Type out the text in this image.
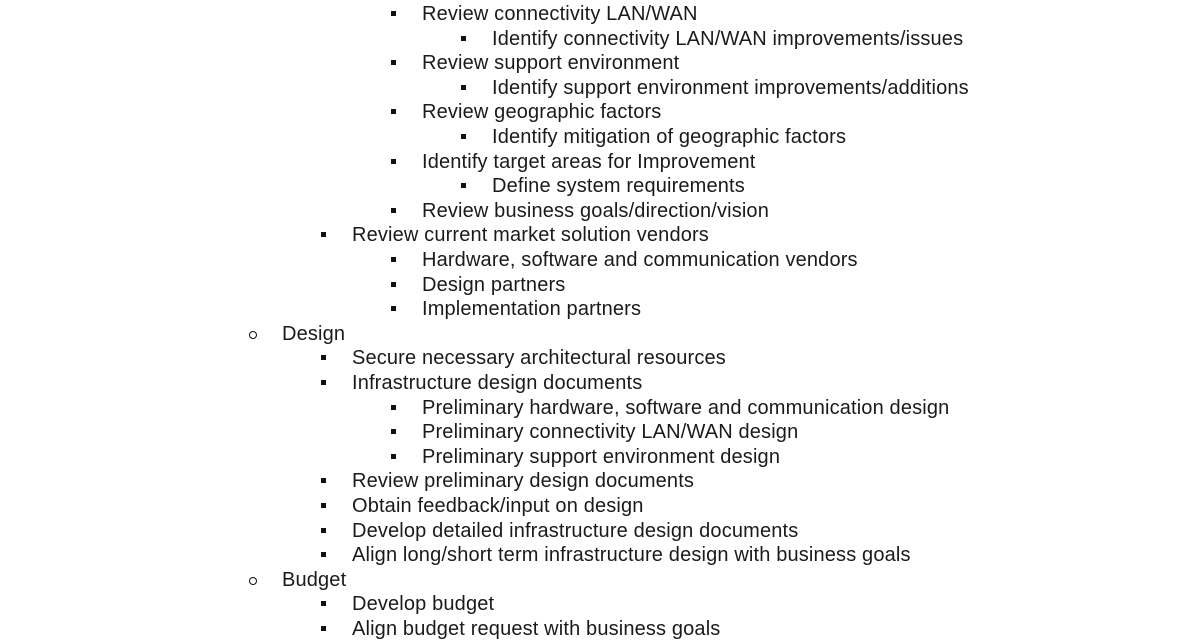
Review connectivity LAN/WAN
Identify connectivity LAN/WAN improvements/issues
Review support environment
Identify support environment improvements/additions
Review geographic factors
Identify mitigation of geographic factors
Identify target areas for Improvement
Define system requirements
Review business goals/direction/vision
Review current market solution vendors
Hardware, software and communication vendors
Design partners
Implementation partners
Design
Secure necessary architectural resources
Infrastructure design documents
Preliminary hardware, software and communication design
Preliminary connectivity LAN/WAN design
Preliminary support environment design
Review preliminary design documents
Obtain feedback/input on design
Develop detailed infrastructure design documents
Align long/short term infrastructure design with business goals
Budget
Develop budget
Align budget request with business goals
